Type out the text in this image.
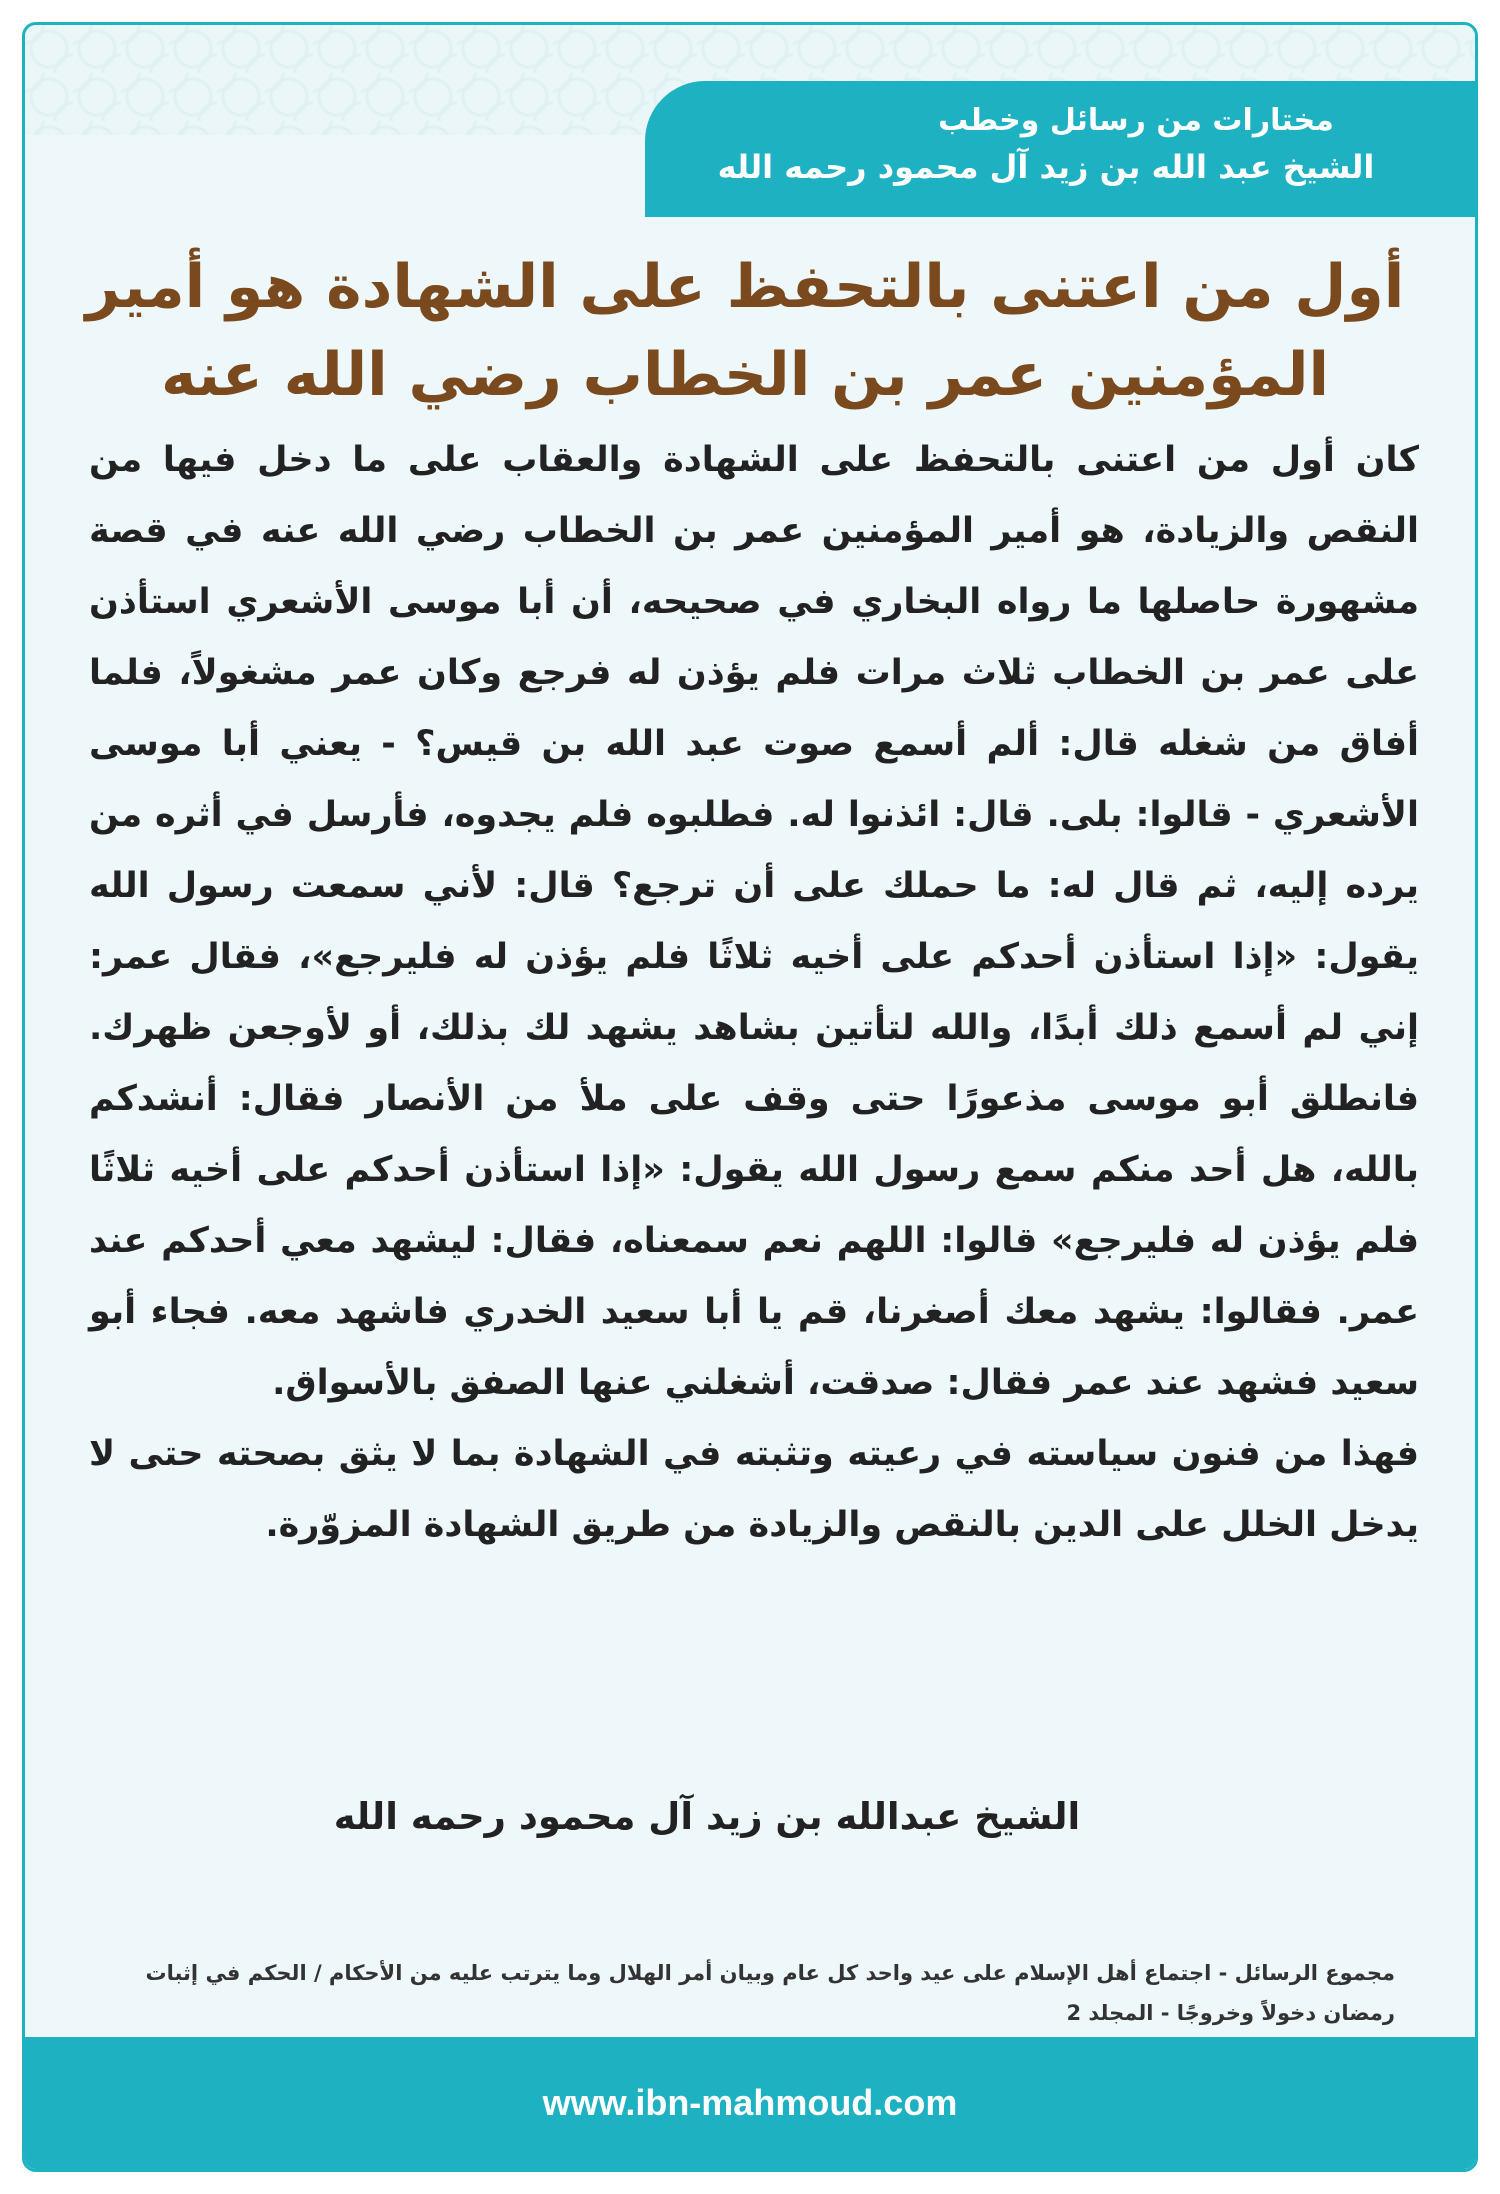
مختارات من رسائل وخطب
الشيخ عبد الله بن زيد آل محمود رحمه الله
أول من اعتنى بالتحفظ على الشهادة هو أمير المؤمنين عمر بن الخطاب رضي الله عنه

كان أول من اعتنى بالتحفظ على الشهادة والعقاب على ما دخل فيها من النقص والزيادة، هو أمير المؤمنين عمر بن الخطاب رضي الله عنه في قصة مشهورة حاصلها ما رواه البخاري في صحيحه، أن أبا موسى الأشعري استأذن على عمر بن الخطاب ثلاث مرات فلم يؤذن له فرجع وكان عمر مشغولاً، فلما أفاق من شغله قال: ألم أسمع صوت عبد الله بن قيس؟ - يعني أبا موسى الأشعري - قالوا: بلى. قال: ائذنوا له. فطلبوه فلم يجدوه، فأرسل في أثره من يرده إليه، ثم قال له: ما حملك على أن ترجع؟ قال: لأني سمعت رسول الله يقول: «إذا استأذن أحدكم على أخيه ثلاثًا فلم يؤذن له فليرجع»، فقال عمر: إني لم أسمع ذلك أبدًا، والله لتأتين بشاهد يشهد لك بذلك، أو لأوجعن ظهرك. فانطلق أبو موسى مذعورًا حتى وقف على ملأ من الأنصار فقال: أنشدكم بالله، هل أحد منكم سمع رسول الله يقول: «إذا استأذن أحدكم على أخيه ثلاثًا فلم يؤذن له فليرجع» قالوا: اللهم نعم سمعناه، فقال: ليشهد معي أحدكم عند عمر. فقالوا: يشهد معك أصغرنا، قم يا أبا سعيد الخدري فاشهد معه. فجاء أبو سعيد فشهد عند عمر فقال: صدقت، أشغلني عنها الصفق بالأسواق.

فهذا من فنون سياسته في رعيته وتثبته في الشهادة بما لا يثق بصحته حتى لا يدخل الخلل على الدين بالنقص والزيادة من طريق الشهادة المزوّرة.

الشيخ عبدالله بن زيد آل محمود رحمه الله
مجموع الرسائل - اجتماع أهل الإسلام على عيد واحد كل عام وبيان أمر الهلال وما يترتب عليه من الأحكام / الحكم في إثبات رمضان دخولاً وخروجًا - المجلد 2
www.ibn-mahmoud.com
